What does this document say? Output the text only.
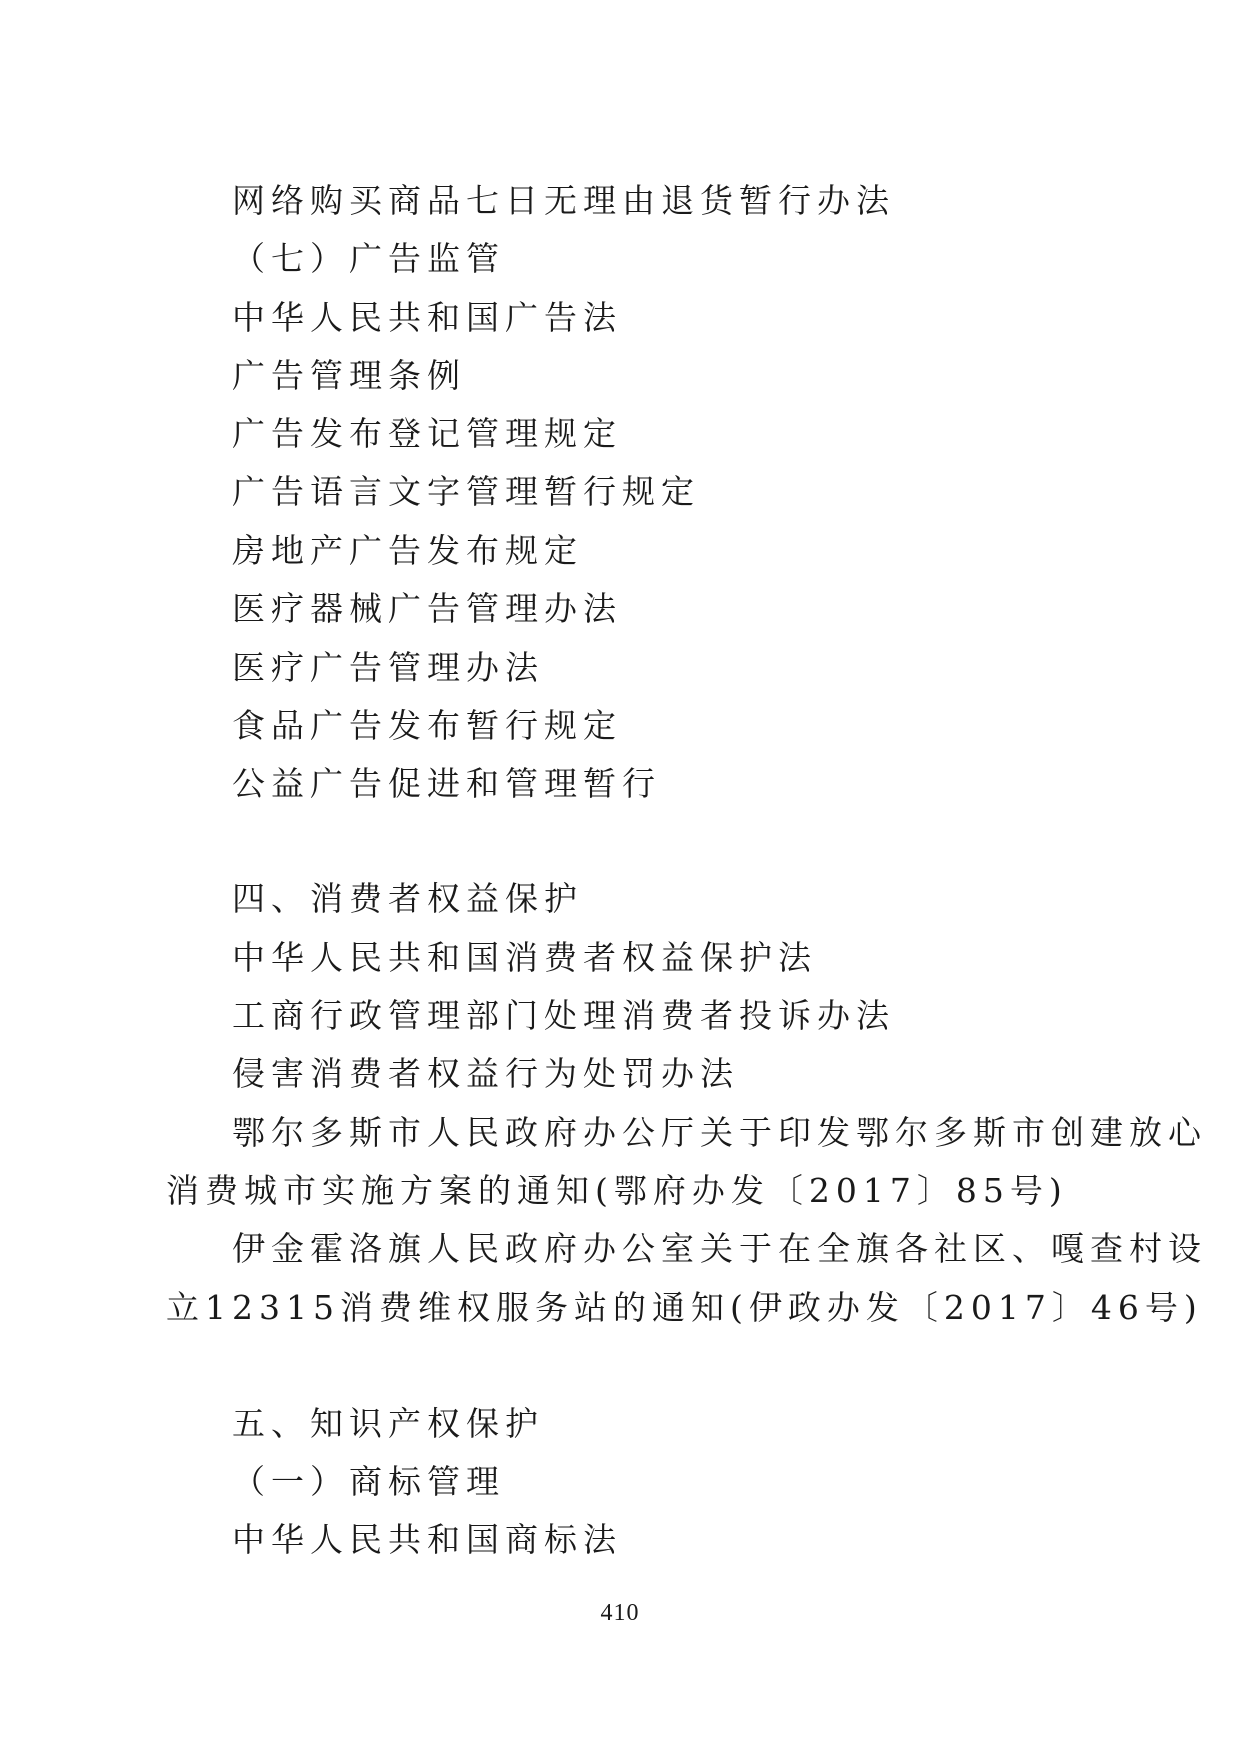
网络购买商品七日无理由退货暂行办法
（七）广告监管
中华人民共和国广告法
广告管理条例
广告发布登记管理规定
广告语言文字管理暂行规定
房地产广告发布规定
医疗器械广告管理办法
医疗广告管理办法
食品广告发布暂行规定
公益广告促进和管理暂行
四、消费者权益保护
中华人民共和国消费者权益保护法
工商行政管理部门处理消费者投诉办法
侵害消费者权益行为处罚办法
鄂尔多斯市人民政府办公厅关于印发鄂尔多斯市创建放心
消费城市实施方案的通知(鄂府办发〔2017〕85号)
伊金霍洛旗人民政府办公室关于在全旗各社区、嘎查村设
立12315消费维权服务站的通知(伊政办发〔2017〕46号)
五、知识产权保护
（一）商标管理
中华人民共和国商标法
410
